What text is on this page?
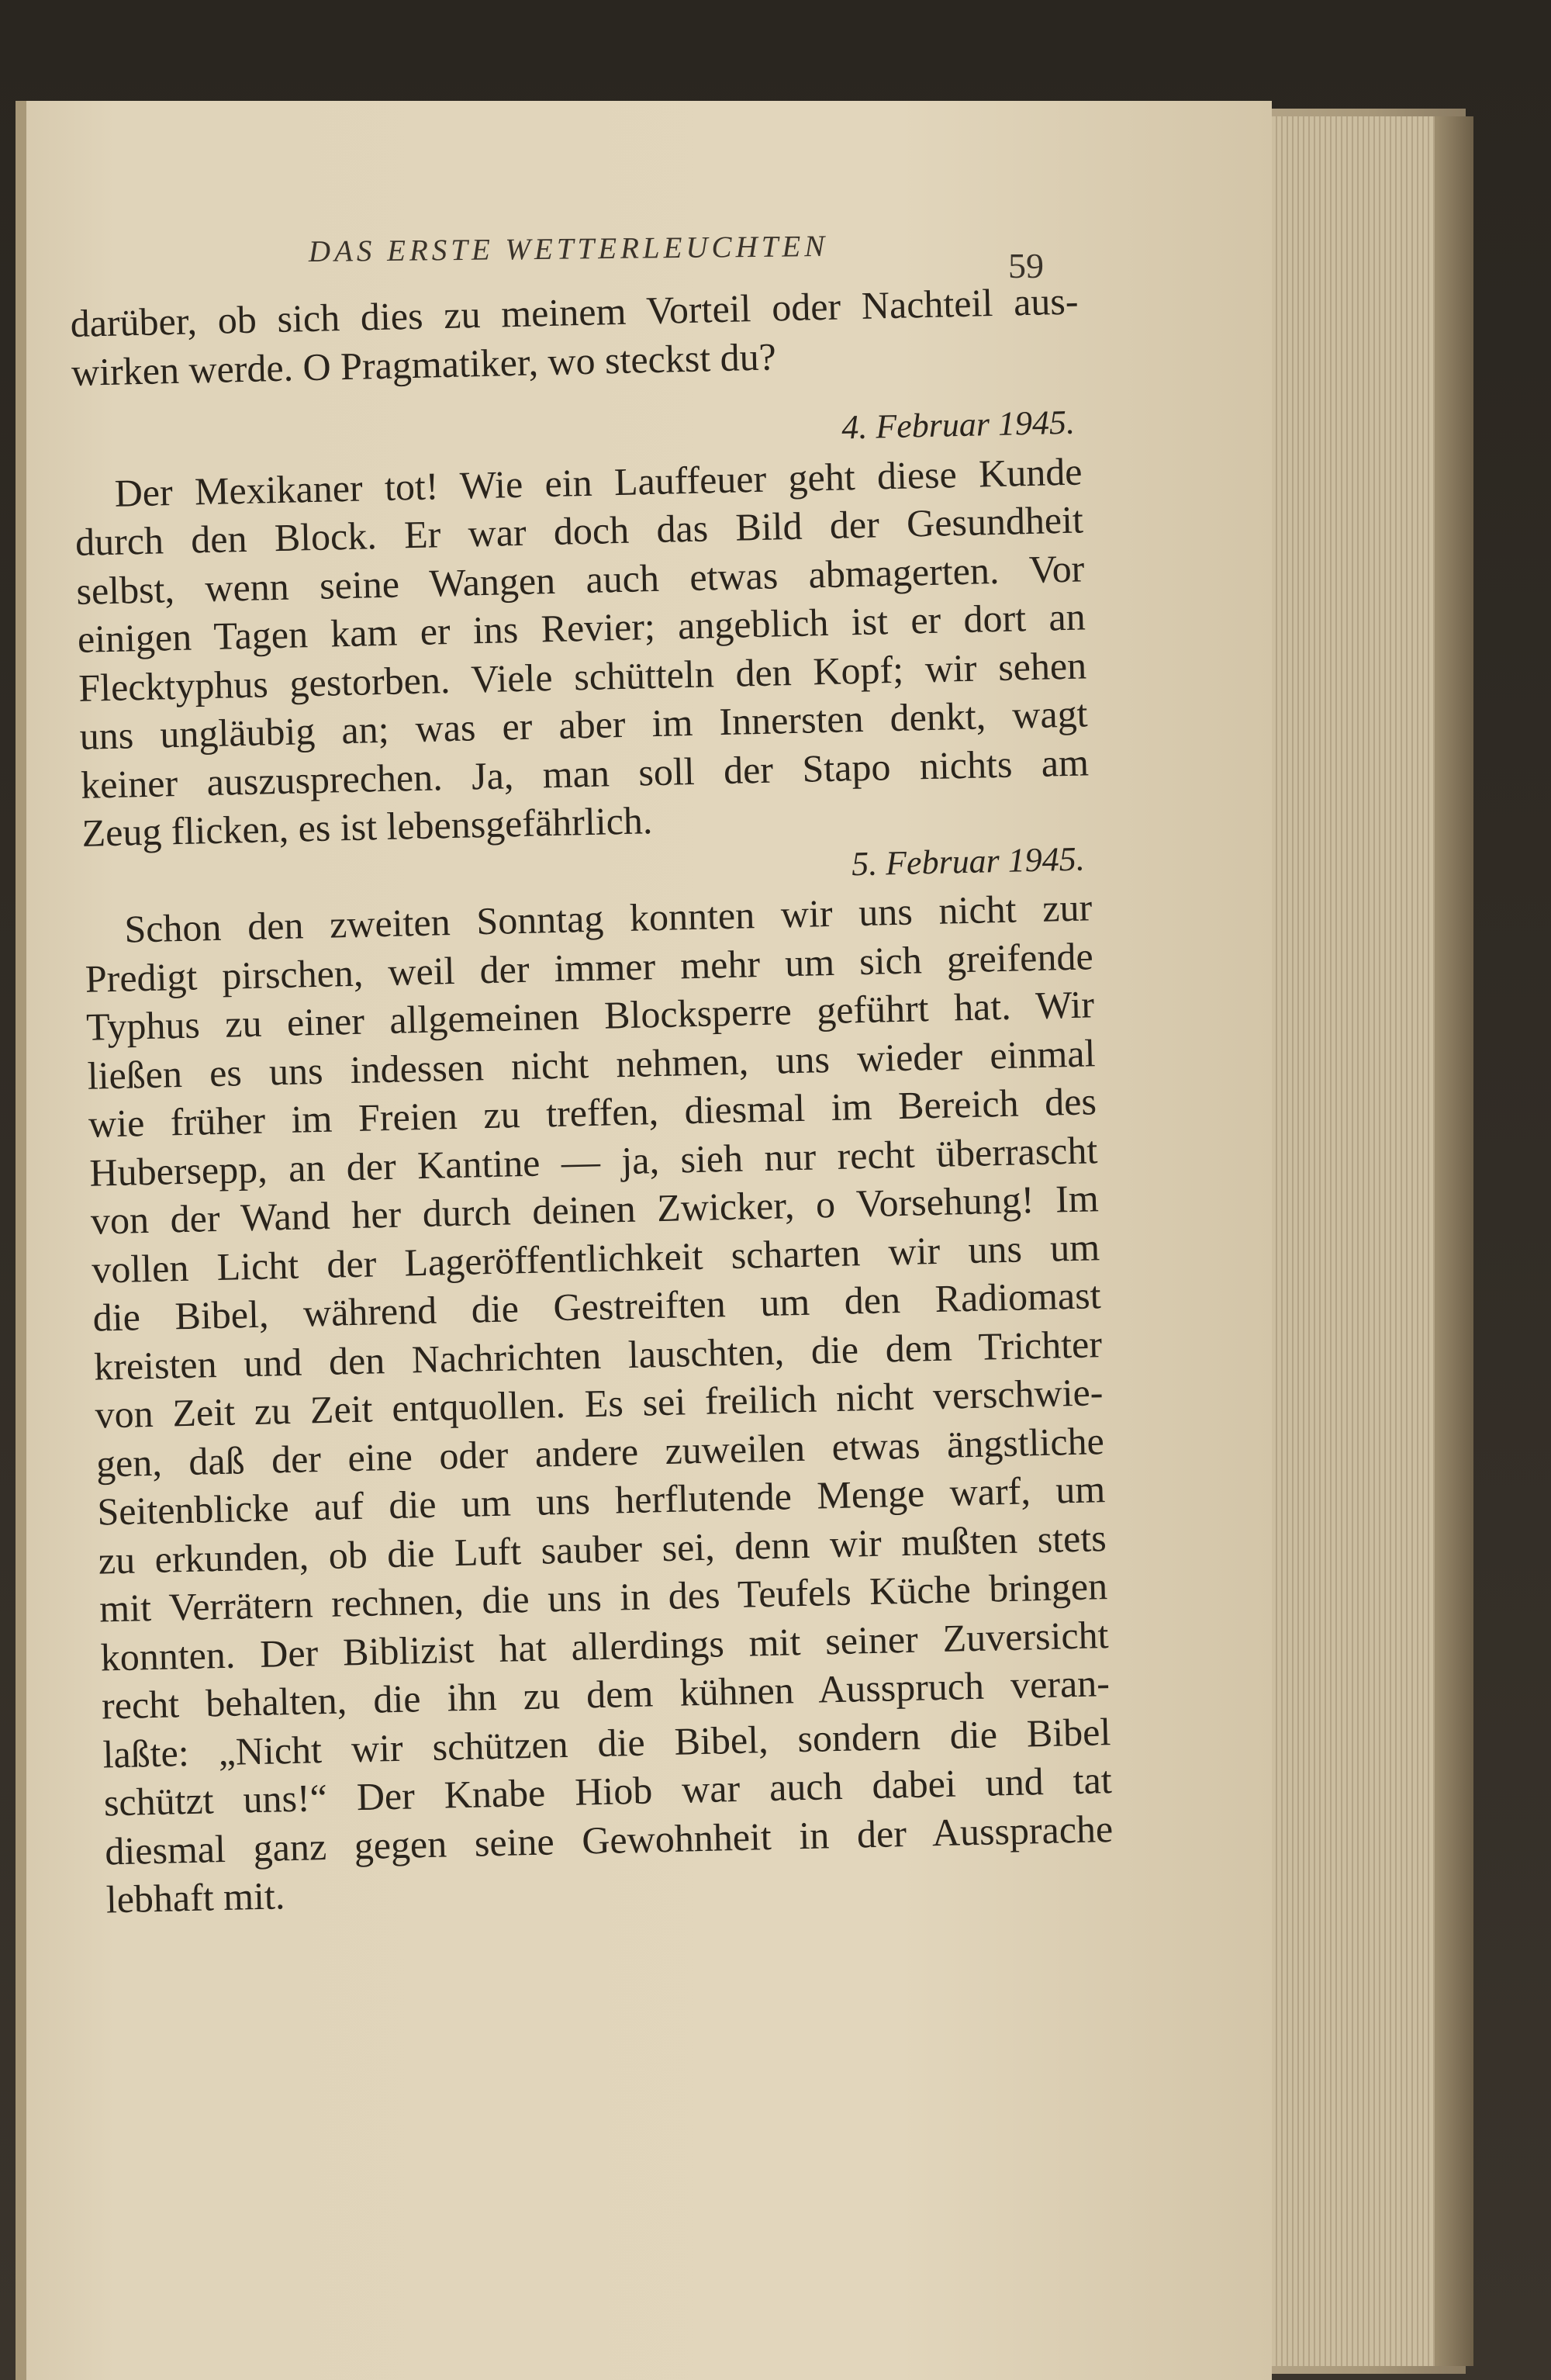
DAS ERSTE WETTERLEUCHTEN	59
darüber, ob sich dies zu meinem Vorteil oder Nachteil aus-
wirken werde. O Pragmatiker, wo steckst du?
4. Februar 1945.
Der Mexikaner tot! Wie ein Lauffeuer geht diese Kunde
durch den Block. Er war doch das Bild der Gesundheit
selbst, wenn seine Wangen auch etwas abmagerten. Vor
einigen Tagen kam er ins Revier; angeblich ist er dort an
Flecktyphus gestorben. Viele schütteln den Kopf; wir sehen
uns ungläubig an; was er aber im Innersten denkt, wagt
keiner auszusprechen. Ja, man soll der Stapo nichts am
Zeug flicken, es ist lebensgefährlich.
5. Februar 1945.
Schon den zweiten Sonntag konnten wir uns nicht zur
Predigt pirschen, weil der immer mehr um sich greifende
Typhus zu einer allgemeinen Blocksperre geführt hat. Wir
ließen es uns indessen nicht nehmen, uns wieder einmal
wie früher im Freien zu treffen, diesmal im Bereich des
Hubersepp, an der Kantine — ja, sieh nur recht überrascht
von der Wand her durch deinen Zwicker, o Vorsehung! Im
vollen Licht der Lageröffentlichkeit scharten wir uns um
die Bibel, während die Gestreiften um den Radiomast
kreisten und den Nachrichten lauschten, die dem Trichter
von Zeit zu Zeit entquollen. Es sei freilich nicht verschwie-
gen, daß der eine oder andere zuweilen etwas ängstliche
Seitenblicke auf die um uns herflutende Menge warf, um
zu erkunden, ob die Luft sauber sei, denn wir mußten stets
mit Verrätern rechnen, die uns in des Teufels Küche bringen
konnten. Der Biblizist hat allerdings mit seiner Zuversicht
recht behalten, die ihn zu dem kühnen Ausspruch veran-
laßte: „Nicht wir schützen die Bibel, sondern die Bibel
schützt uns!“ Der Knabe Hiob war auch dabei und tat
diesmal ganz gegen seine Gewohnheit in der Aussprache
lebhaft mit.
